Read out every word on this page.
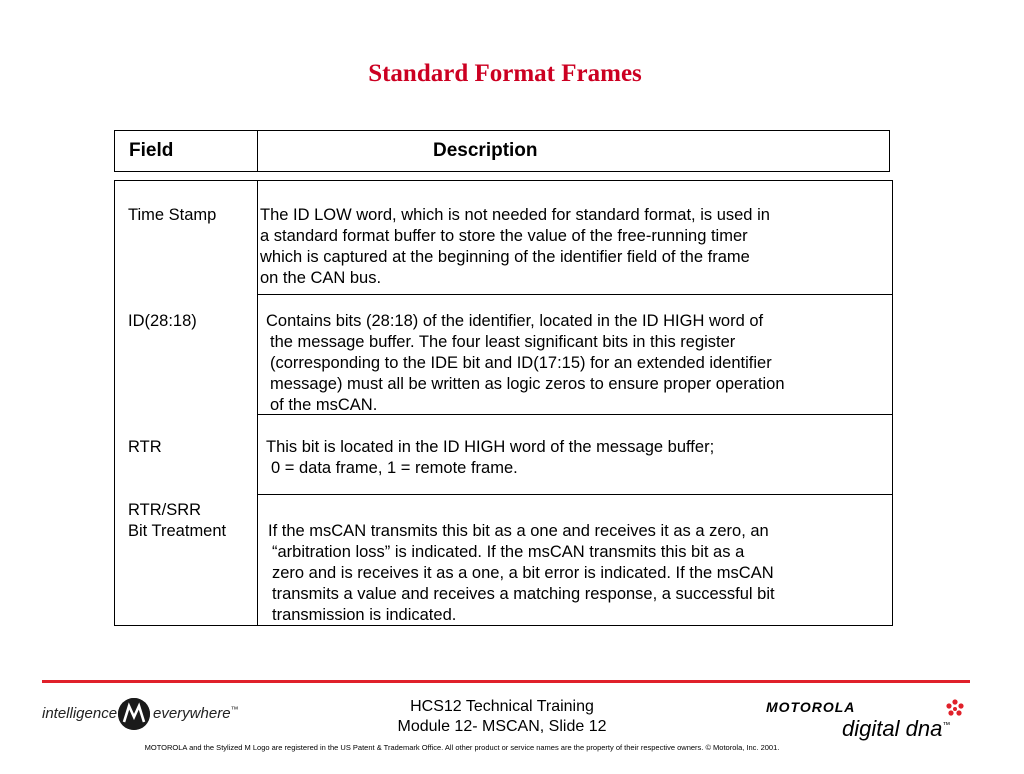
Standard Format Frames
Field	Description
Time Stamp	The ID LOW word, which is not needed for standard format, is used in
a standard format buffer to store the value of the free-running timer
which is captured at the beginning of the identifier field of the frame
on the CAN bus.
ID(28:18)	Contains bits (28:18) of the identifier, located in the ID HIGH word of
the message buffer. The four least significant bits in this register
(corresponding to the IDE bit and ID(17:15) for an extended identifier
message) must all be written as logic zeros to ensure proper operation
of the msCAN.
RTR	This bit is located in the ID HIGH word of the message buffer;
0 = data frame, 1 = remote frame.
RTR/SRR
Bit Treatment	If the msCAN transmits this bit as a one and receives it as a zero, an
“arbitration loss” is indicated. If the msCAN transmits this bit as a
zero and is receives it as a one, a bit error is indicated. If the msCAN
transmits a value and receives a matching response, a successful bit
transmission is indicated.
intelligence everywhere™	HCS12 Technical Training
Module 12- MSCAN, Slide 12
MOTOROLA
digital dna™
MOTOROLA and the Stylized M Logo are registered in the US Patent & Trademark Office. All other product or service names are the property of their respective owners. © Motorola, Inc. 2001.
